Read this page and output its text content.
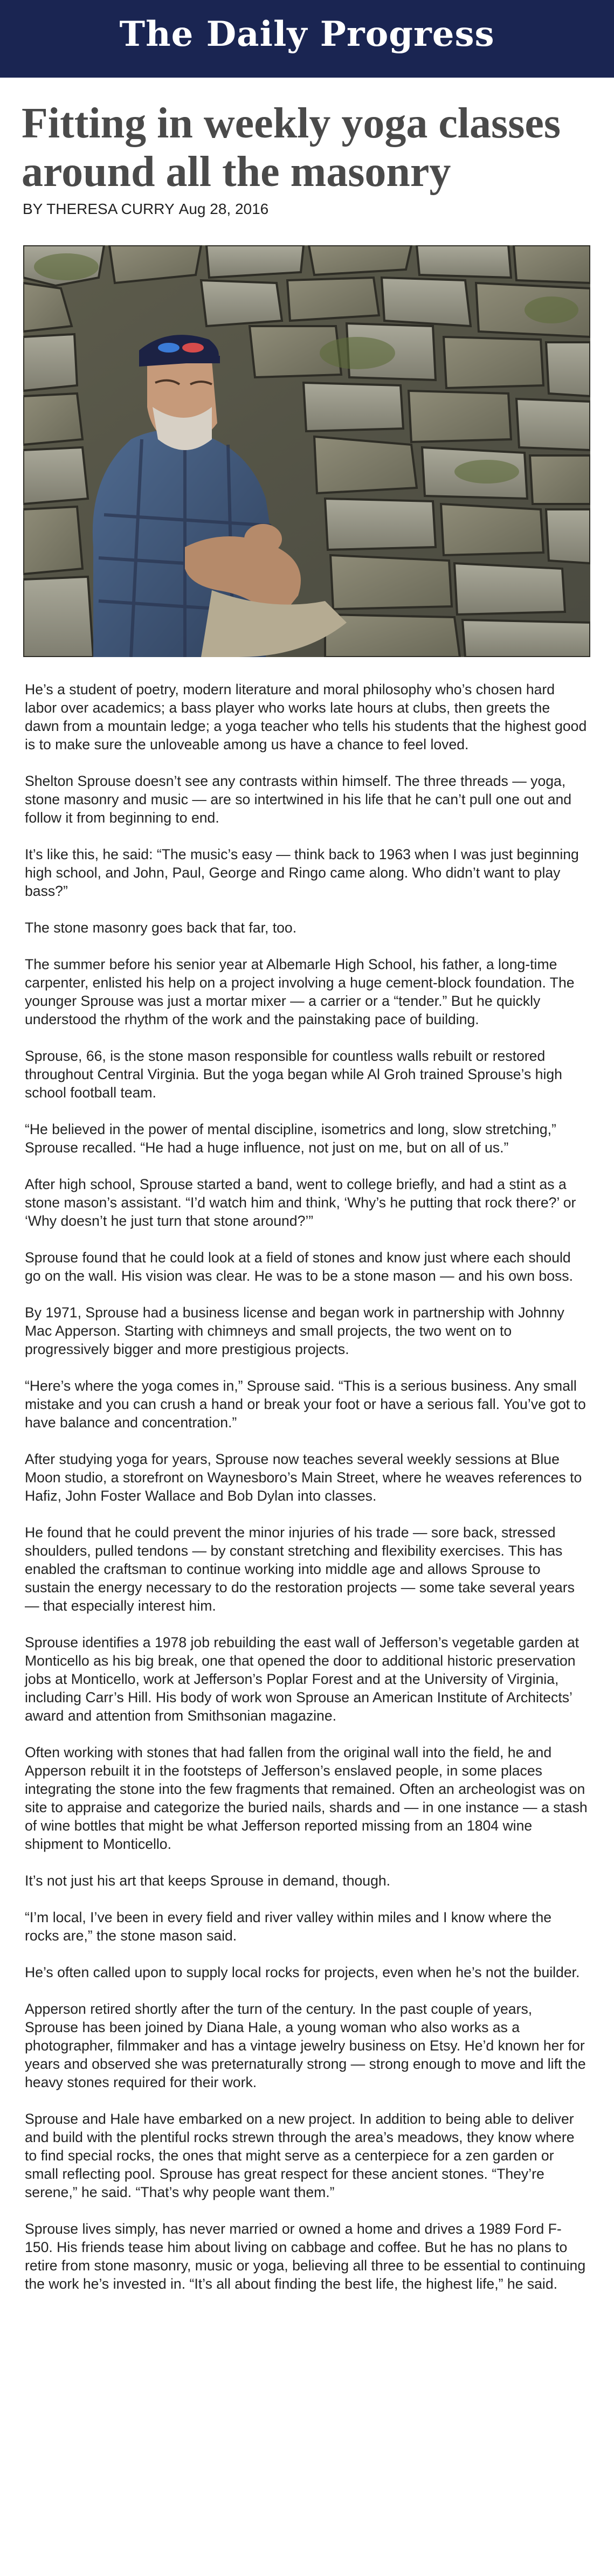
The Daily Progress
Fitting in weekly yoga classes around all the masonry
BY THERESA CURRY Aug 28, 2016

He’s a student of poetry, modern literature and moral philosophy who’s chosen hard labor over academics; a bass player who works late hours at clubs, then greets the dawn from a mountain ledge; a yoga teacher who tells his students that the highest good is to make sure the unloveable among us have a chance to feel loved.

Shelton Sprouse doesn’t see any contrasts within himself. The three threads — yoga, stone masonry and music — are so intertwined in his life that he can’t pull one out and follow it from beginning to end.

It’s like this, he said: “The music’s easy — think back to 1963 when I was just beginning high school, and John, Paul, George and Ringo came along. Who didn’t want to play bass?”

The stone masonry goes back that far, too.

The summer before his senior year at Albemarle High School, his father, a long-time carpenter, enlisted his help on a project involving a huge cement-block foundation. The younger Sprouse was just a mortar mixer — a carrier or a “tender.” But he quickly understood the rhythm of the work and the painstaking pace of building.

Sprouse, 66, is the stone mason responsible for countless walls rebuilt or restored throughout Central Virginia. But the yoga began while Al Groh trained Sprouse’s high school football team.

“He believed in the power of mental discipline, isometrics and long, slow stretching,” Sprouse recalled. “He had a huge influence, not just on me, but on all of us.”

After high school, Sprouse started a band, went to college briefly, and had a stint as a stone mason’s assistant. “I’d watch him and think, ‘Why’s he putting that rock there?’ or ‘Why doesn’t he just turn that stone around?’”

Sprouse found that he could look at a field of stones and know just where each should go on the wall. His vision was clear. He was to be a stone mason — and his own boss.

By 1971, Sprouse had a business license and began work in partnership with Johnny Mac Apperson. Starting with chimneys and small projects, the two went on to progressively bigger and more prestigious projects.

“Here’s where the yoga comes in,” Sprouse said. “This is a serious business. Any small mistake and you can crush a hand or break your foot or have a serious fall. You’ve got to have balance and concentration.”

After studying yoga for years, Sprouse now teaches several weekly sessions at Blue Moon studio, a storefront on Waynesboro’s Main Street, where he weaves references to Hafiz, John Foster Wallace and Bob Dylan into classes.

He found that he could prevent the minor injuries of his trade — sore back, stressed shoulders, pulled tendons — by constant stretching and flexibility exercises. This has enabled the craftsman to continue working into middle age and allows Sprouse to sustain the energy necessary to do the restoration projects — some take several years — that especially interest him.

Sprouse identifies a 1978 job rebuilding the east wall of Jefferson’s vegetable garden at Monticello as his big break, one that opened the door to additional historic preservation jobs at Monticello, work at Jefferson’s Poplar Forest and at the University of Virginia, including Carr’s Hill. His body of work won Sprouse an American Institute of Architects’ award and attention from Smithsonian magazine.

Often working with stones that had fallen from the original wall into the field, he and Apperson rebuilt it in the footsteps of Jefferson’s enslaved people, in some places integrating the stone into the few fragments that remained. Often an archeologist was on site to appraise and categorize the buried nails, shards and — in one instance — a stash of wine bottles that might be what Jefferson reported missing from an 1804 wine shipment to Monticello.

It’s not just his art that keeps Sprouse in demand, though.

“I’m local, I’ve been in every field and river valley within miles and I know where the rocks are,” the stone mason said.

He’s often called upon to supply local rocks for projects, even when he’s not the builder.

Apperson retired shortly after the turn of the century. In the past couple of years, Sprouse has been joined by Diana Hale, a young woman who also works as a photographer, filmmaker and has a vintage jewelry business on Etsy. He’d known her for years and observed she was preternaturally strong — strong enough to move and lift the heavy stones required for their work.

Sprouse and Hale have embarked on a new project. In addition to being able to deliver and build with the plentiful rocks strewn through the area’s meadows, they know where to find special rocks, the ones that might serve as a centerpiece for a zen garden or small reflecting pool. Sprouse has great respect for these ancient stones. “They’re serene,” he said. “That’s why people want them.”

Sprouse lives simply, has never married or owned a home and drives a 1989 Ford F-150. His friends tease him about living on cabbage and coffee. But he has no plans to retire from stone masonry, music or yoga, believing all three to be essential to continuing the work he’s invested in. “It’s all about finding the best life, the highest life,” he said.
